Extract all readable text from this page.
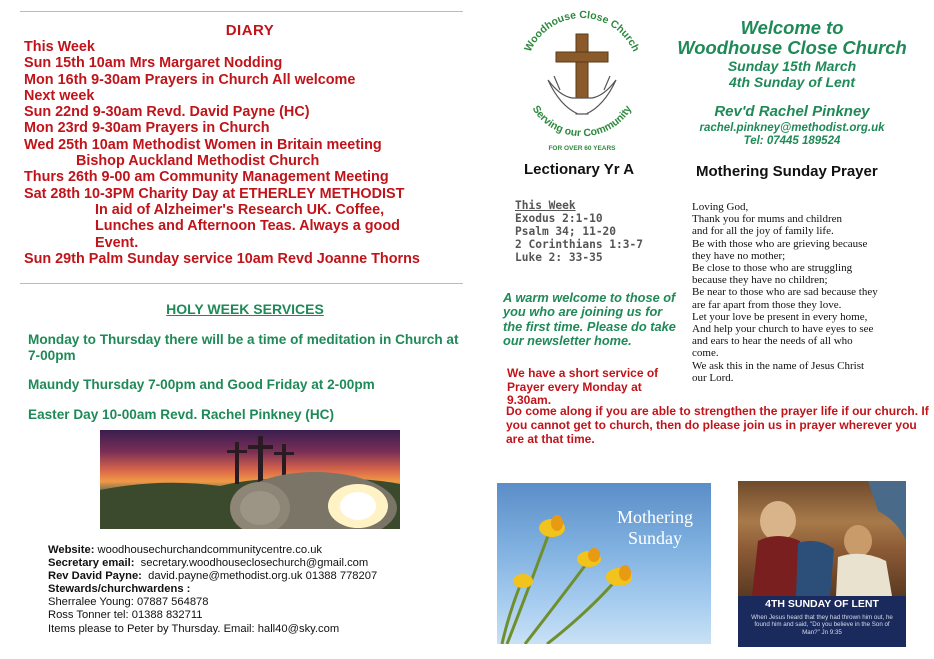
DIARY
This Week
Sun 15th 10am Mrs Margaret Nodding
Mon 16th 9-30am Prayers in Church All welcome
Next week
Sun 22nd 9-30am Revd. David Payne (HC)
Mon 23rd 9-30am Prayers in Church
Wed 25th 10am Methodist Women in Britain meeting
Bishop Auckland Methodist Church
Thurs 26th 9-00 am Community Management Meeting
Sat 28th 10-3PM Charity Day at ETHERLEY METHODIST
In aid of Alzheimer's Research UK. Coffee,
Lunches and Afternoon Teas. Always a good
Event.
Sun 29th Palm Sunday service 10am Revd Joanne Thorns
HOLY WEEK SERVICES
Monday to Thursday there will be a time of meditation in Church at 7-00pm
Maundy Thursday 7-00pm and Good Friday at 2-00pm
Easter Day 10-00am Revd. Rachel Pinkney (HC)
Website: woodhousechurchandcommunitycentre.co.uk
Secretary email: secretary.woodhouseclosechurch@gmail.com
Rev David Payne: david.payne@methodist.org.uk 01388 778207
Stewards/churchwardens :
Sherralee Young: 07887 564878
Ross Tonner tel: 01388 832711
Items please to Peter by Thursday. Email: hall40@sky.com
Woodhouse Close Church
Serving our Community
FOR OVER 60 YEARS
Welcome to
Woodhouse Close Church
Sunday 15th March
4th Sunday of Lent
Rev'd Rachel Pinkney
rachel.pinkney@methodist.org.uk
Tel: 07445 189524
Lectionary Yr A
This Week
Exodus 2:1-10
Psalm 34; 11-20
2 Corinthians 1:3-7
Luke 2: 33-35
Mothering Sunday Prayer
Loving God,
Thank you for mums and children
and for all the joy of family life.
Be with those who are grieving because
they have no mother;
Be close to those who are struggling
because they have no children;
Be near to those who are sad because they
are far apart from those they love.
Let your love be present in every home,
And help your church to have eyes to see
and ears to hear the needs of all who
come.
We ask this in the name of Jesus Christ
our Lord.
A warm welcome to those of you who are joining us for the first time. Please do take our newsletter home.
We have a short service of Prayer every Monday at 9.30am.
Do come along if you are able to strengthen the prayer life if our church. If you cannot get to church, then do please join us in prayer wherever you are at that time.
Mothering
Sunday
4TH SUNDAY OF LENT
When Jesus heard that they had thrown him out, he found him and said, "Do you believe in the Son of Man?" Jn 9:35
